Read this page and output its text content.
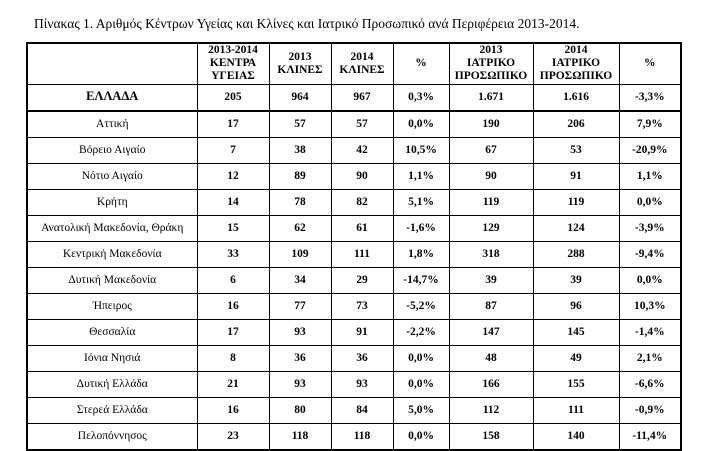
Πίνακας 1. Αριθμός Κέντρων Υγείας και Κλίνες και Ιατρικό Προσωπικό ανά Περιφέρεια 2013-2014.

	2013-2014
ΚΕΝΤΡΑ
ΥΓΕΙΑΣ	2013
ΚΛΙΝΕΣ	2014
ΚΛΙΝΕΣ	%	2013
ΙΑΤΡΙΚΟ
ΠΡΟΣΩΠΙΚΟ	2014
ΙΑΤΡΙΚΟ
ΠΡΟΣΩΠΙΚΟ	%

ΕΛΛΑΔΑ	205	964	967	0,3%	1.671	1.616	-3,3%
Αττική	17	57	57	0,0%	190	206	7,9%
Βόρειο Αιγαίο	7	38	42	10,5%	67	53	-20,9%
Νότιο Αιγαίο	12	89	90	1,1%	90	91	1,1%
Κρήτη	14	78	82	5,1%	119	119	0,0%
Ανατολική Μακεδονία, Θράκη	15	62	61	-1,6%	129	124	-3,9%
Κεντρική Μακεδονία	33	109	111	1,8%	318	288	-9,4%
Δυτική Μακεδονία	6	34	29	-14,7%	39	39	0,0%
Ήπειρος	16	77	73	-5,2%	87	96	10,3%
Θεσσαλία	17	93	91	-2,2%	147	145	-1,4%
Ιόνια Νησιά	8	36	36	0,0%	48	49	2,1%
Δυτική Ελλάδα	21	93	93	0,0%	166	155	-6,6%
Στερεά Ελλάδα	16	80	84	5,0%	112	111	-0,9%
Πελοπόννησος	23	118	118	0,0%	158	140	-11,4%
